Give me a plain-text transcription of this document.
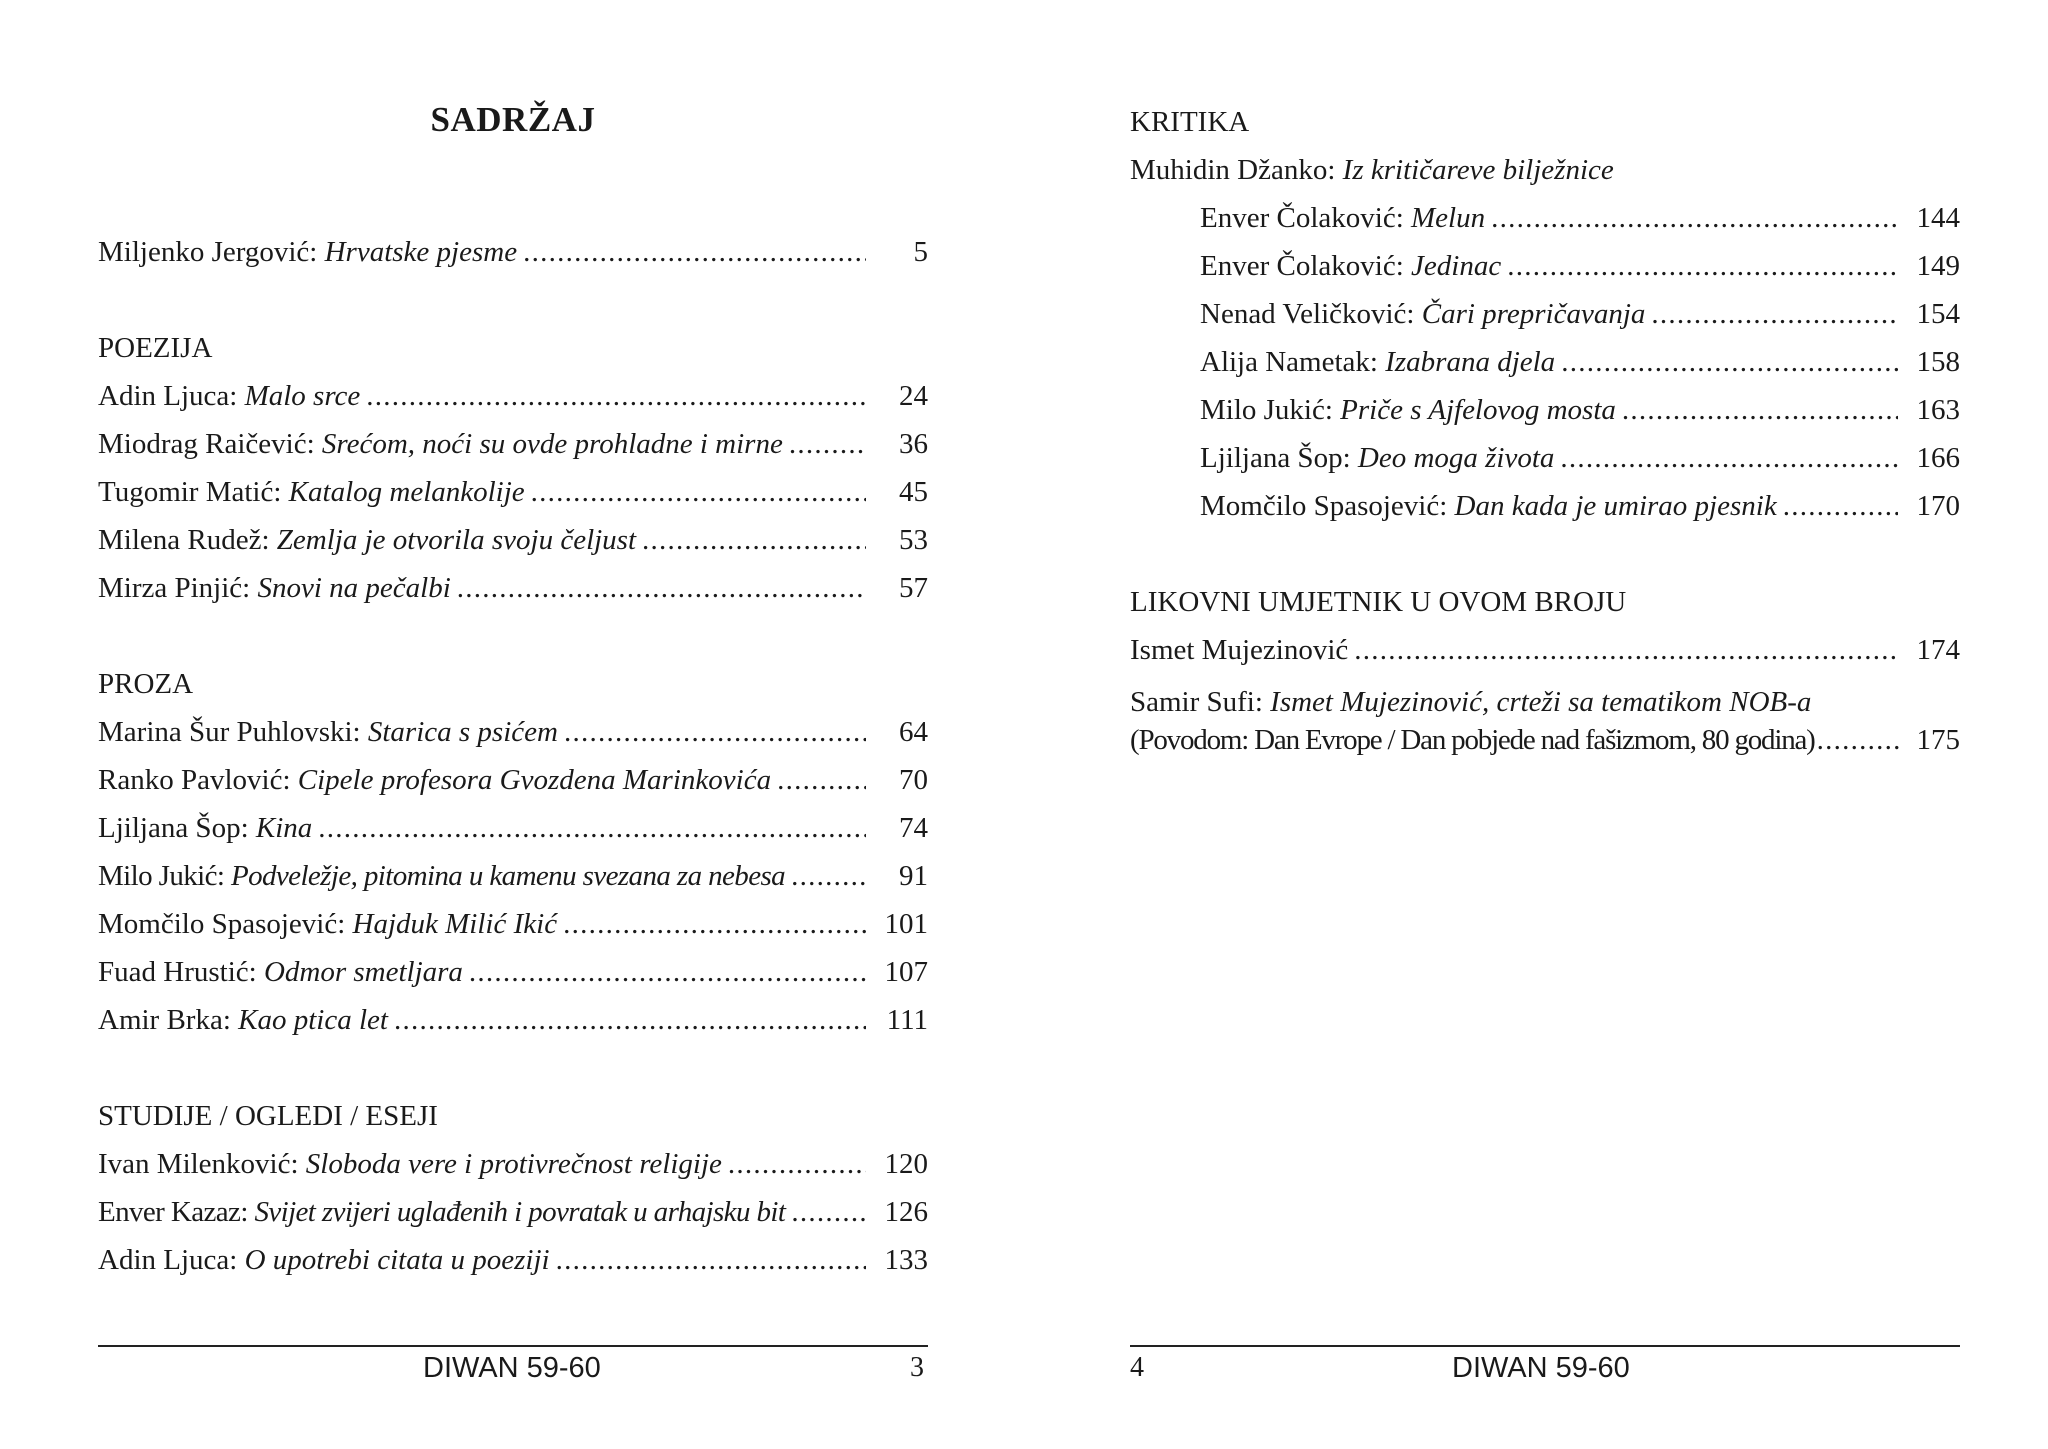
SADRŽAJ
Miljenko Jergović: Hrvatske pjesme . . .	5
POEZIJA
Adin Ljuca: Malo srce . . .	24
Miodrag Raičević: Srećom, noći su ovde prohladne i mirne . . .	36
Tugomir Matić: Katalog melankolije . . .	45
Milena Rudež: Zemlja je otvorila svoju čeljust . . .	53
Mirza Pinjić: Snovi na pečalbi . . .	57
PROZA
Marina Šur Puhlovski: Starica s psićem . . .	64
Ranko Pavlović: Cipele profesora Gvozdena Marinkovića . . .	70
Ljiljana Šop: Kina . . .	74
Milo Jukić: Podveležje, pitomina u kamenu svezana za nebesa . . .	91
Momčilo Spasojević: Hajduk Milić Ikić . . .	101
Fuad Hrustić: Odmor smetljara . . .	107
Amir Brka: Kao ptica let . . .	111
STUDIJE / OGLEDI / ESEJI
Ivan Milenković: Sloboda vere i protivrečnost religije . . .	120
Enver Kazaz: Svijet zvijeri uglađenih i povratak u arhajsku bit . . .	126
Adin Ljuca: O upotrebi citata u poeziji . . .	133
DIWAN 59-60	3
KRITIKA
Muhidin Džanko: Iz kritičareve bilježnice
Enver Čolaković: Melun . . .	144
Enver Čolaković: Jedinac . . .	149
Nenad Veličković: Čari prepričavanja . . .	154
Alija Nametak: Izabrana djela . . .	158
Milo Jukić: Priče s Ajfelovog mosta . . .	163
Ljiljana Šop: Deo moga života . . .	166
Momčilo Spasojević: Dan kada je umirao pjesnik . . .	170
LIKOVNI UMJETNIK U OVOM BROJU
Ismet Mujezinović . . .	174
Samir Sufi: Ismet Mujezinović, crteži sa tematikom NOB-a
(Povodom: Dan Evrope / Dan pobjede nad fašizmom, 80 godina) . . .	175
4	DIWAN 59-60
